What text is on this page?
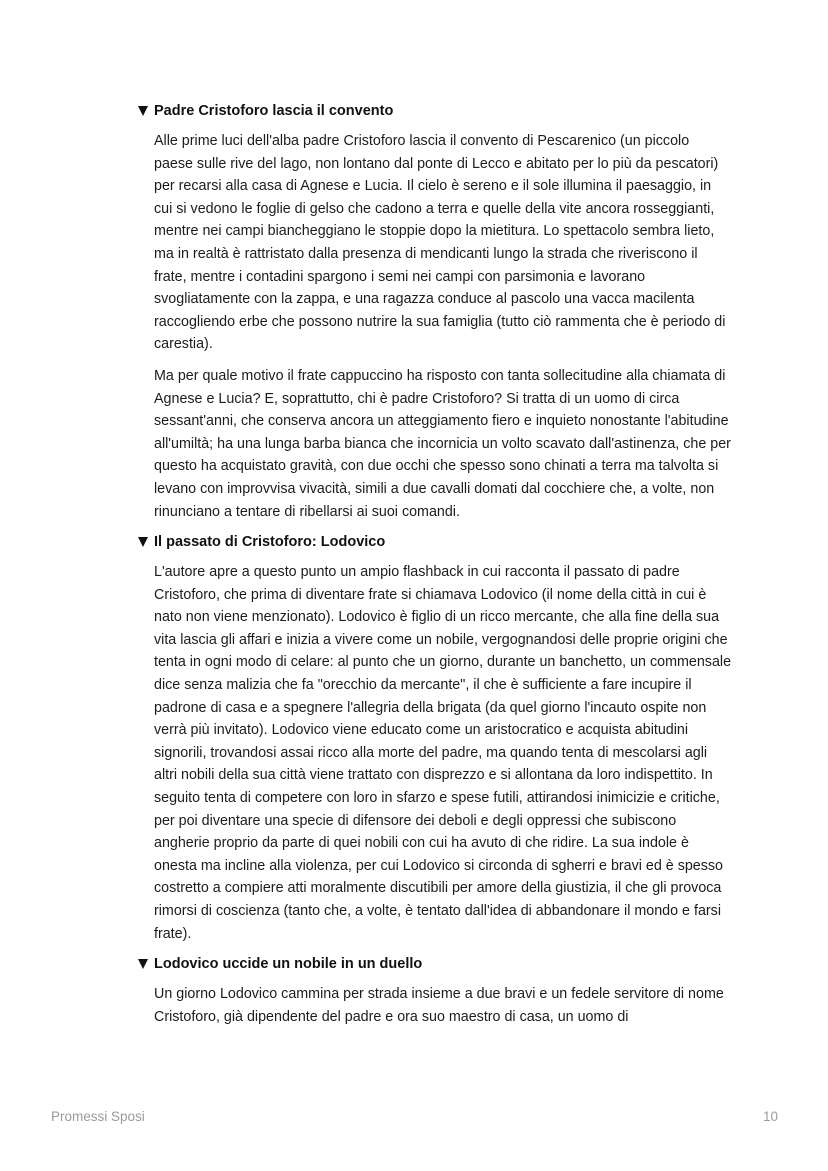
Padre Cristoforo lascia il convento

Alle prime luci dell'alba padre Cristoforo lascia il convento di Pescarenico (un piccolo paese sulle rive del lago, non lontano dal ponte di Lecco e abitato per lo più da pescatori) per recarsi alla casa di Agnese e Lucia. Il cielo è sereno e il sole illumina il paesaggio, in cui si vedono le foglie di gelso che cadono a terra e quelle della vite ancora rosseggianti, mentre nei campi biancheggiano le stoppie dopo la mietitura. Lo spettacolo sembra lieto, ma in realtà è rattristato dalla presenza di mendicanti lungo la strada che riveriscono il frate, mentre i contadini spargono i semi nei campi con parsimonia e lavorano svogliatamente con la zappa, e una ragazza conduce al pascolo una vacca macilenta raccogliendo erbe che possono nutrire la sua famiglia (tutto ciò rammenta che è periodo di carestia).

Ma per quale motivo il frate cappuccino ha risposto con tanta sollecitudine alla chiamata di Agnese e Lucia? E, soprattutto, chi è padre Cristoforo? Si tratta di un uomo di circa sessant'anni, che conserva ancora un atteggiamento fiero e inquieto nonostante l'abitudine all'umiltà; ha una lunga barba bianca che incornicia un volto scavato dall'astinenza, che per questo ha acquistato gravità, con due occhi che spesso sono chinati a terra ma talvolta si levano con improvvisa vivacità, simili a due cavalli domati dal cocchiere che, a volte, non rinunciano a tentare di ribellarsi ai suoi comandi.

Il passato di Cristoforo: Lodovico

L'autore apre a questo punto un ampio flashback in cui racconta il passato di padre Cristoforo, che prima di diventare frate si chiamava Lodovico (il nome della città in cui è nato non viene menzionato). Lodovico è figlio di un ricco mercante, che alla fine della sua vita lascia gli affari e inizia a vivere come un nobile, vergognandosi delle proprie origini che tenta in ogni modo di celare: al punto che un giorno, durante un banchetto, un commensale dice senza malizia che fa "orecchio da mercante", il che è sufficiente a fare incupire il padrone di casa e a spegnere l'allegria della brigata (da quel giorno l'incauto ospite non verrà più invitato). Lodovico viene educato come un aristocratico e acquista abitudini signorili, trovandosi assai ricco alla morte del padre, ma quando tenta di mescolarsi agli altri nobili della sua città viene trattato con disprezzo e si allontana da loro indispettito. In seguito tenta di competere con loro in sfarzo e spese futili, attirandosi inimicizie e critiche, per poi diventare una specie di difensore dei deboli e degli oppressi che subiscono angherie proprio da parte di quei nobili con cui ha avuto di che ridire. La sua indole è onesta ma incline alla violenza, per cui Lodovico si circonda di sgherri e bravi ed è spesso costretto a compiere atti moralmente discutibili per amore della giustizia, il che gli provoca rimorsi di coscienza (tanto che, a volte, è tentato dall'idea di abbandonare il mondo e farsi frate).

Lodovico uccide un nobile in un duello

Un giorno Lodovico cammina per strada insieme a due bravi e un fedele servitore di nome Cristoforo, già dipendente del padre e ora suo maestro di casa, un uomo di

Promessi Sposi	10
